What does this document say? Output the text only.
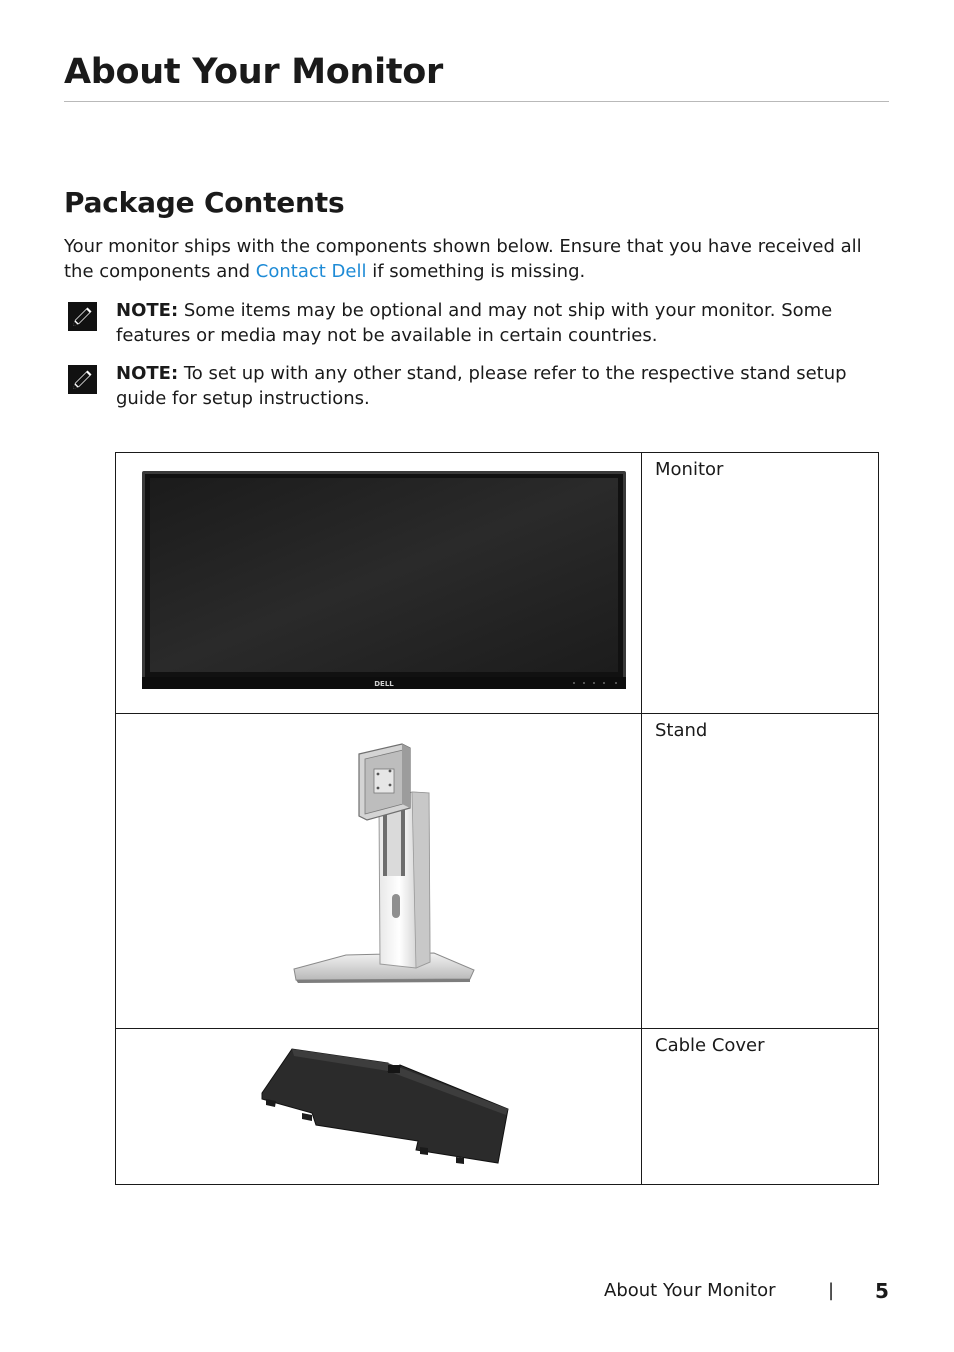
About Your Monitor
Package Contents

Your monitor ships with the components shown below. Ensure that you have received all the components and Contact Dell if something is missing.

NOTE: Some items may be optional and may not ship with your monitor. Some features or media may not be available in certain countries.

NOTE: To set up with any other stand, please refer to the respective stand setup guide for setup instructions.

DELL	Monitor
	Stand
	Cable Cover
About Your Monitor	| 5
